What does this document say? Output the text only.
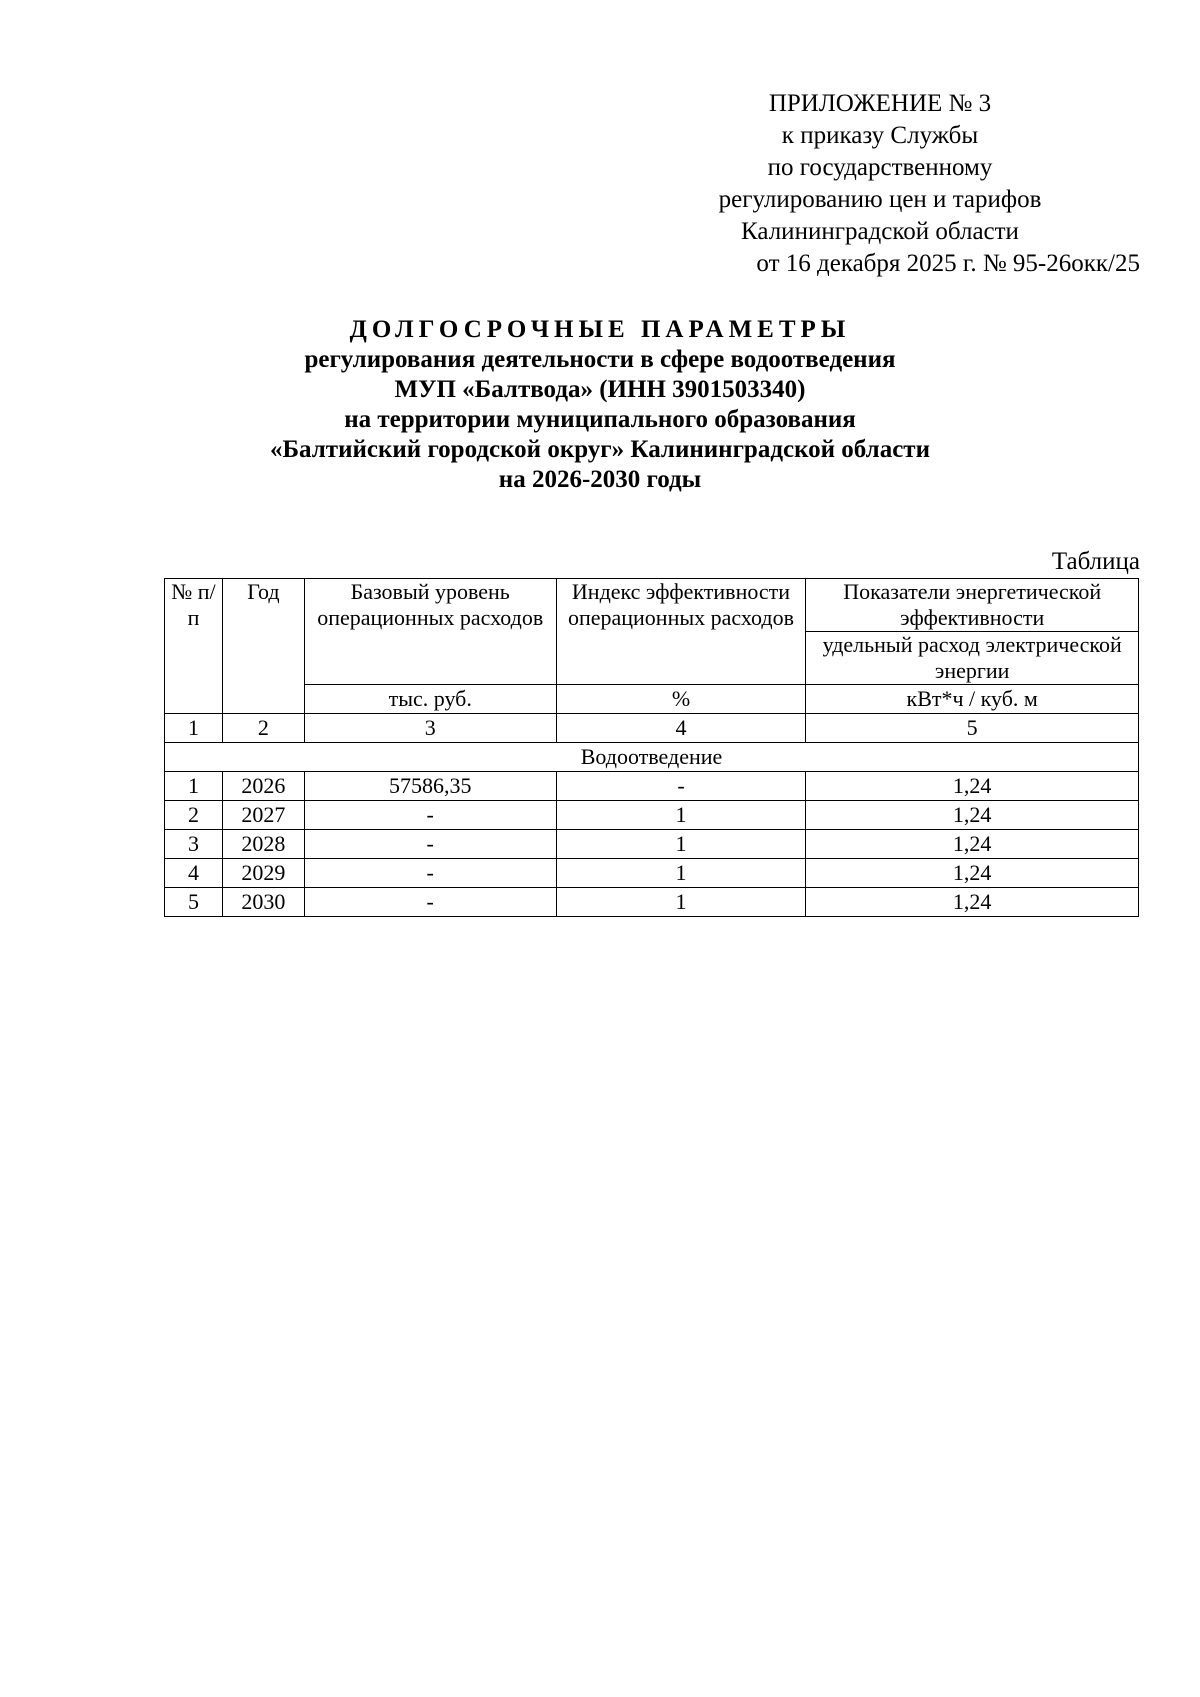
ПРИЛОЖЕНИЕ № 3
к приказу Службы
по государственному
регулированию цен и тарифов
Калининградской области
от 16 декабря 2025 г. № 95-26окк/25
ДОЛГОСРОЧНЫЕ ПАРАМЕТРЫ
регулирования деятельности в сфере водоотведения
МУП «Балтвода» (ИНН 3901503340)
на территории муниципального образования
«Балтийский городской округ» Калининградской области
на 2026-2030 годы
Таблица
№ п/п	Год	Базовый уровень операционных расходов	Индекс эффективности операционных расходов	Показатели энергетической эффективности
				удельный расход электрической энергии
		тыс. руб.	%	кВт*ч / куб. м
1	2	3	4	5
Водоотведение				
1	2026	57586,35	-	1,24
2	2027	-	1	1,24
3	2028	-	1	1,24
4	2029	-	1	1,24
5	2030	-	1	1,24
